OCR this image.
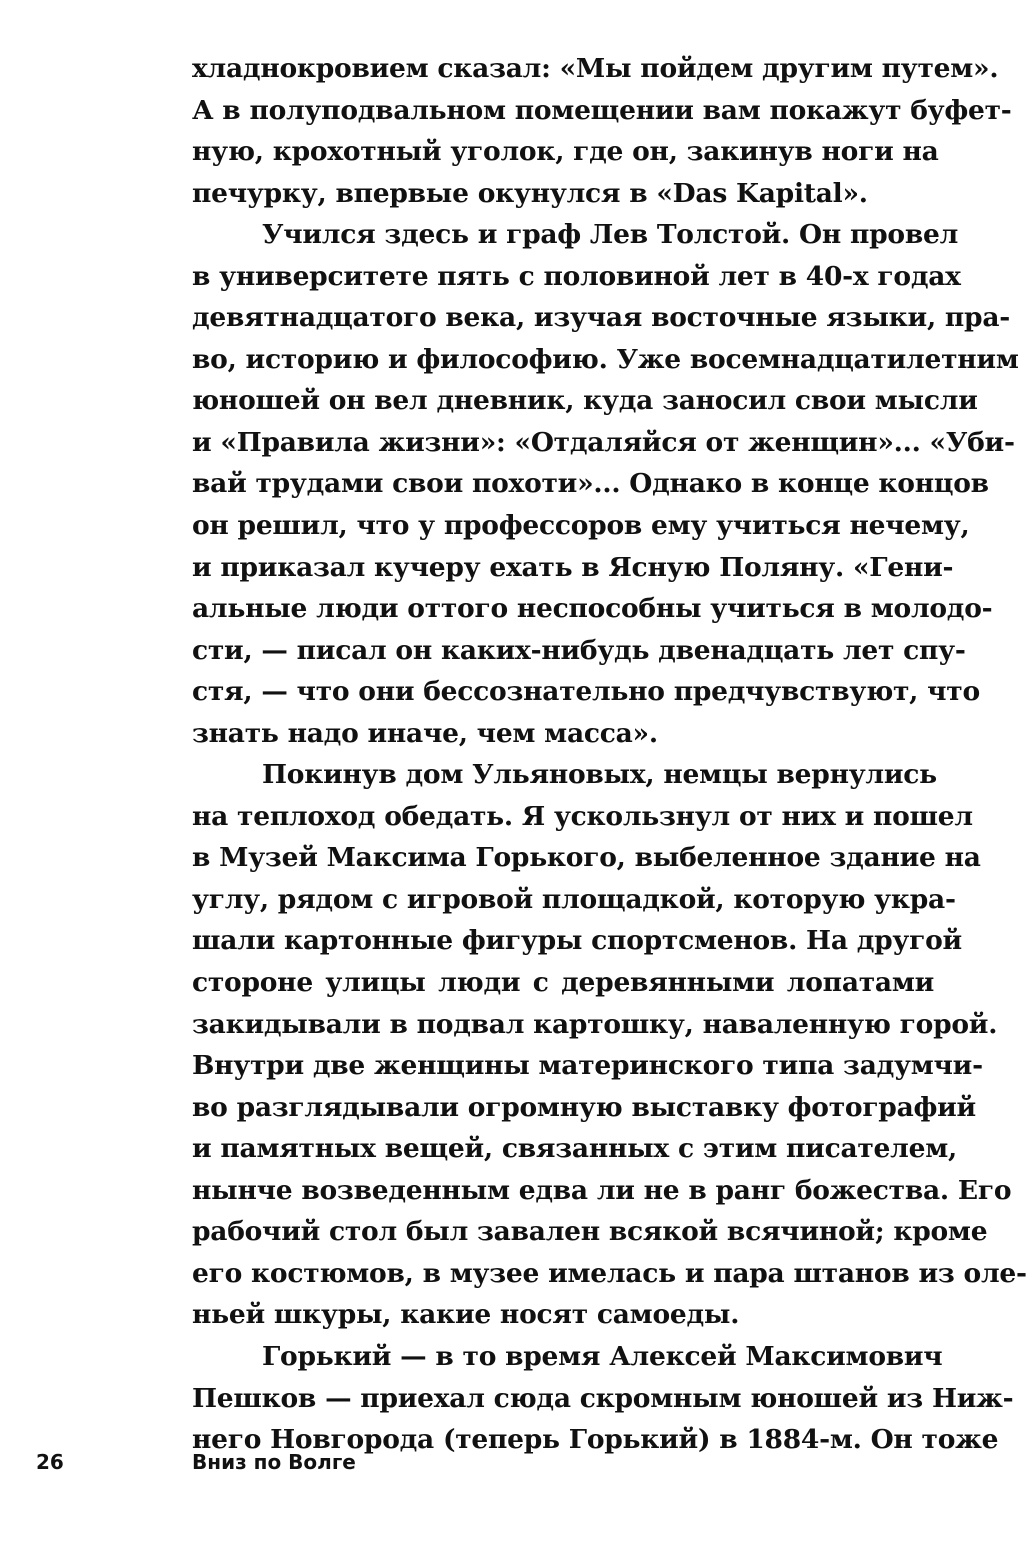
хладнокровием сказал: «Мы пойдем другим путем».
А в полуподвальном помещении вам покажут буфет-
ную, крохотный уголок, где он, закинув ноги на
печурку, впервые окунулся в «Das Kapital».
Учился здесь и граф Лев Толстой. Он провел
в университете пять с половиной лет в 40-х годах
девятнадцатого века, изучая восточные языки, пра-
во, историю и философию. Уже восемнадцатилетним
юношей он вел дневник, куда заносил свои мысли
и «Правила жизни»: «Отдаляйся от женщин»... «Уби-
вай трудами свои похоти»... Однако в конце концов
он решил, что у профессоров ему учиться нечему,
и приказал кучеру ехать в Ясную Поляну. «Гени-
альные люди оттого неспособны учиться в молодо-
сти, — писал он каких-нибудь двенадцать лет спу-
стя, — что они бессознательно предчувствуют, что
знать надо иначе, чем масса».
Покинув дом Ульяновых, немцы вернулись
на теплоход обедать. Я ускользнул от них и пошел
в Музей Максима Горького, выбеленное здание на
углу, рядом с игровой площадкой, которую укра-
шали картонные фигуры спортсменов. На другой
стороне улицы люди с деревянными лопатами
закидывали в подвал картошку, наваленную горой.
Внутри две женщины материнского типа задумчи-
во разглядывали огромную выставку фотографий
и памятных вещей, связанных с этим писателем,
нынче возведенным едва ли не в ранг божества. Его
рабочий стол был завален всякой всячиной; кроме
его костюмов, в музее имелась и пара штанов из оле-
ньей шкуры, какие носят самоеды.
Горький — в то время Алексей Максимович
Пешков — приехал сюда скромным юношей из Ниж-
него Новгорода (теперь Горький) в 1884-м. Он тоже
26	Вниз по Волге
